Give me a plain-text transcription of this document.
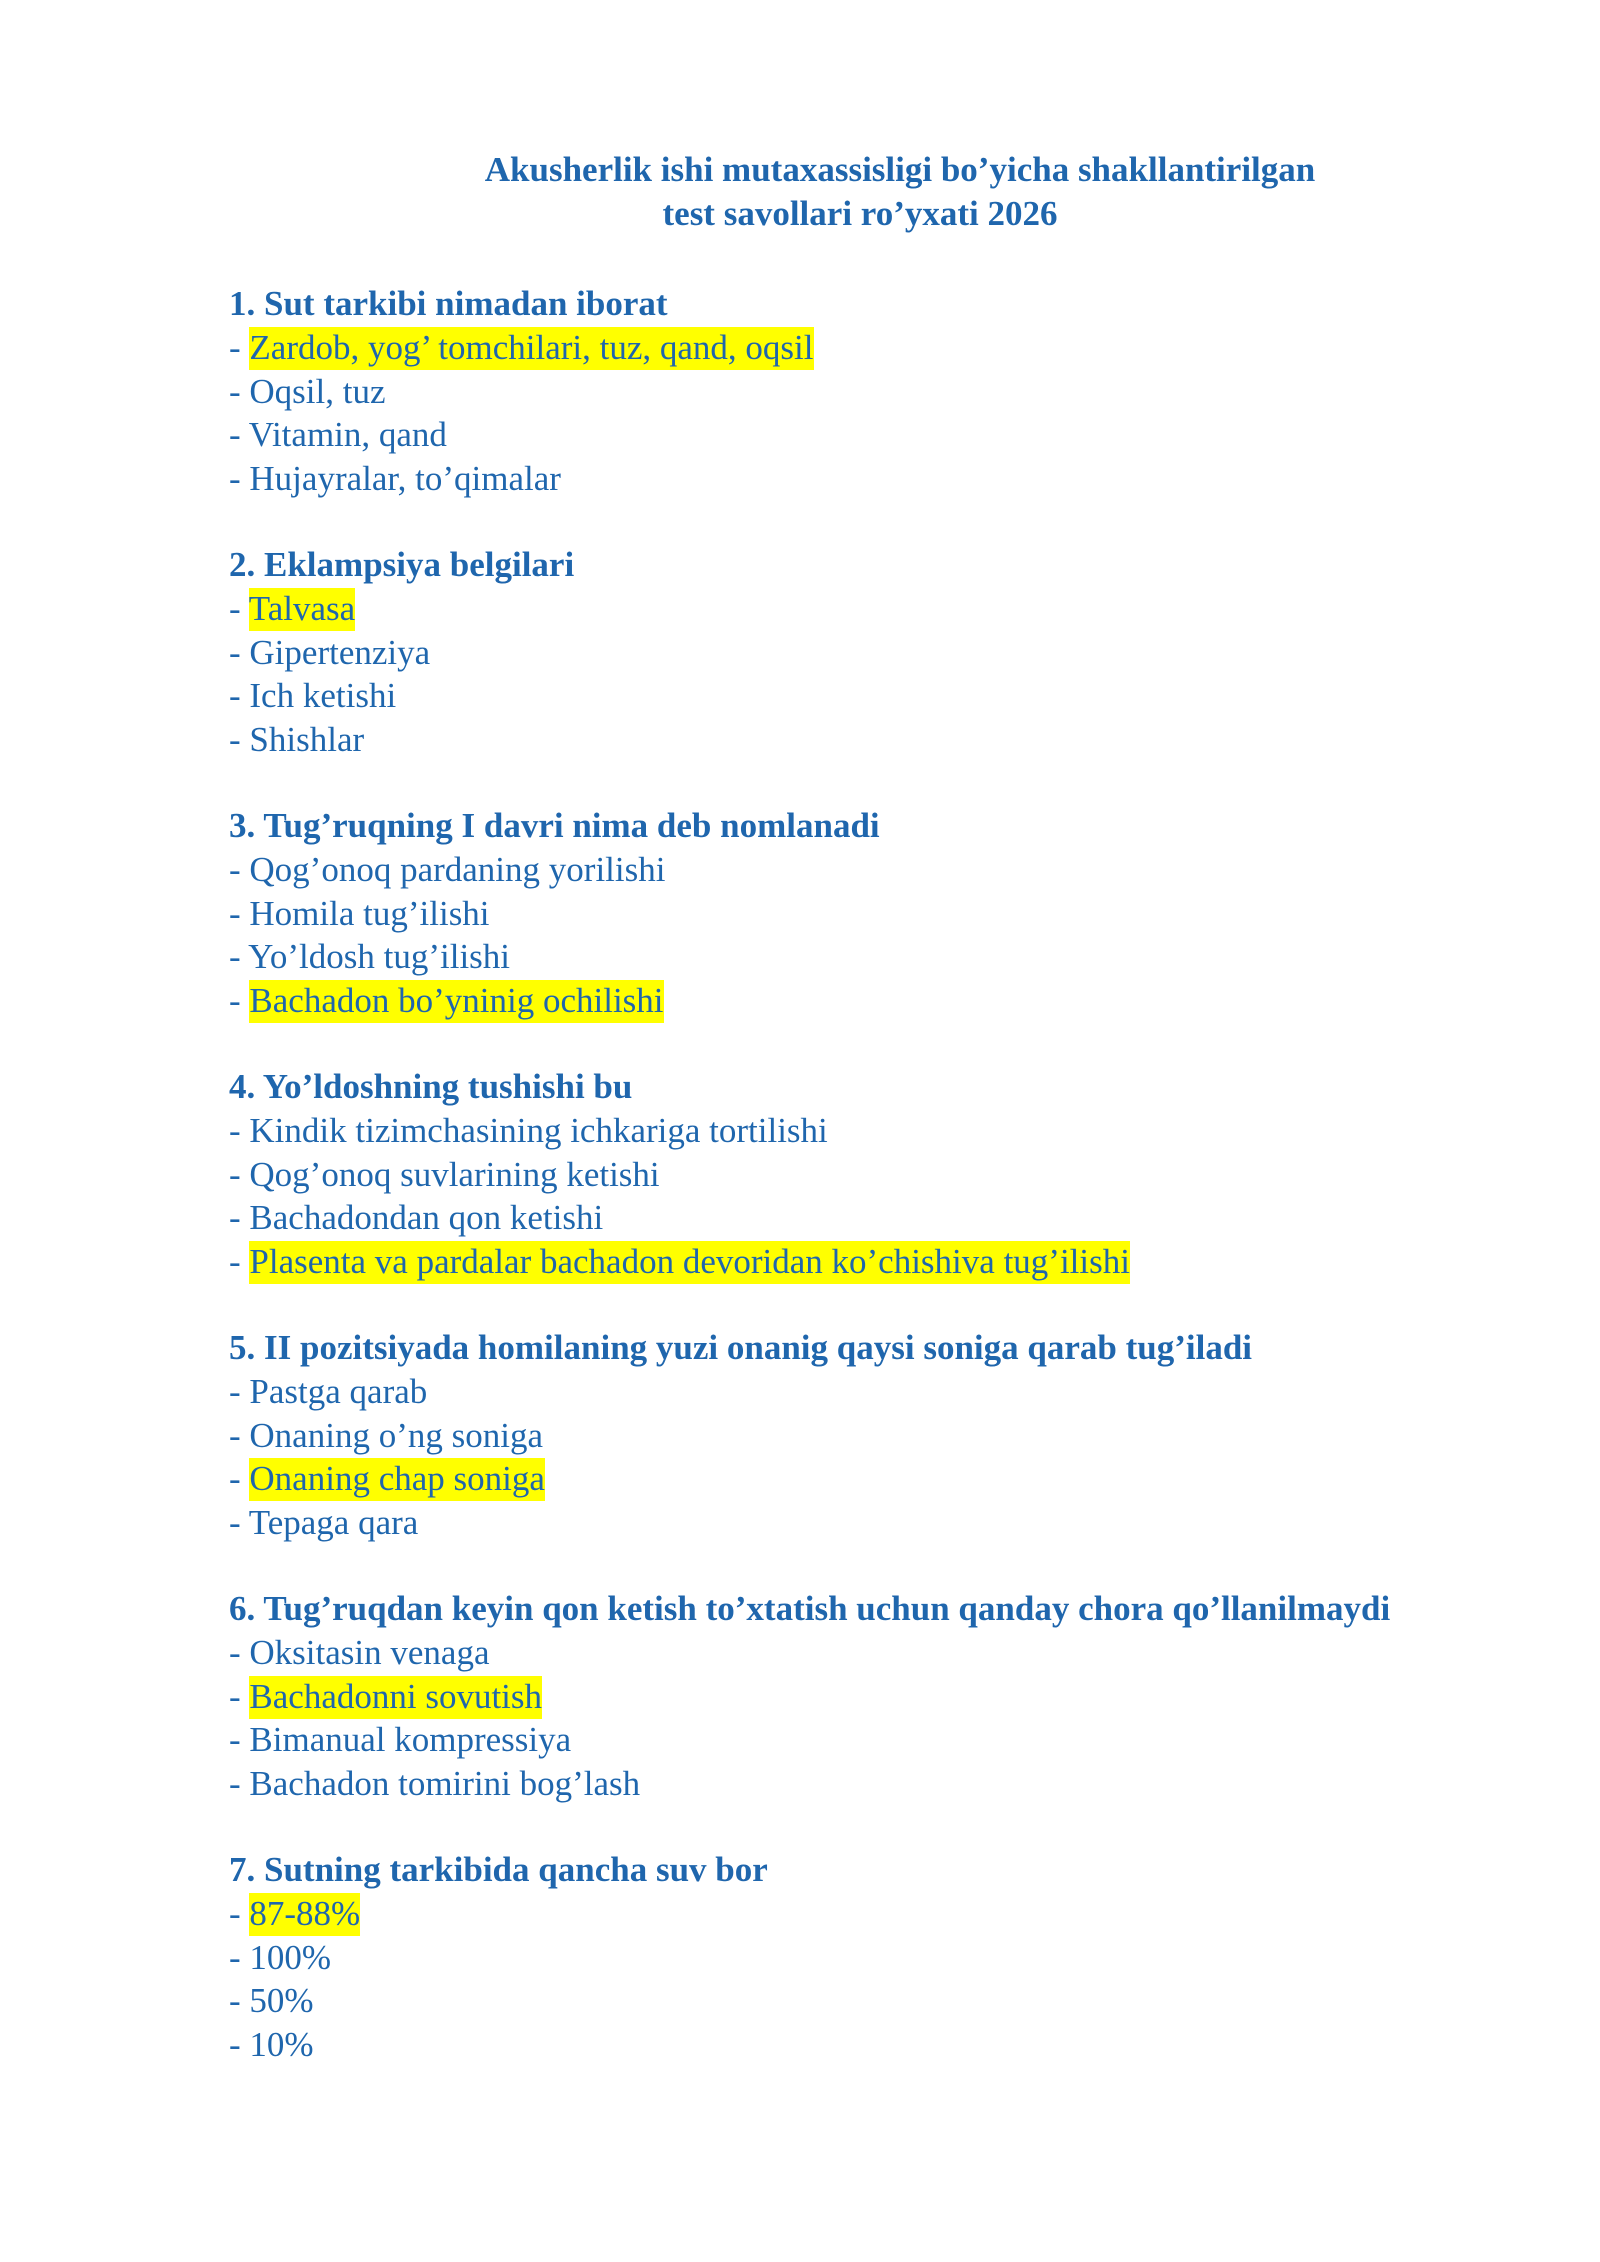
Akusherlik ishi mutaxassisligi bo’yicha shakllantirilgan
test savollari ro’yxati 2026
1. Sut tarkibi nimadan iborat
- Zardob, yog’ tomchilari, tuz, qand, oqsil
- Oqsil, tuz
- Vitamin, qand
- Hujayralar, to’qimalar
2. Eklampsiya belgilari
- Talvasa
- Gipertenziya
- Ich ketishi
- Shishlar
3. Tug’ruqning I davri nima deb nomlanadi
- Qog’onoq pardaning yorilishi
- Homila tug’ilishi
- Yo’ldosh tug’ilishi
- Bachadon bo’yninig ochilishi
4. Yo’ldoshning tushishi bu
- Kindik tizimchasining ichkariga tortilishi
- Qog’onoq suvlarining ketishi
- Bachadondan qon ketishi
- Plasenta va pardalar bachadon devoridan ko’chishiva tug’ilishi
5. II pozitsiyada homilaning yuzi onanig qaysi soniga qarab tug’iladi
- Pastga qarab
- Onaning o’ng soniga
- Onaning chap soniga
- Tepaga qara
6. Tug’ruqdan keyin qon ketish to’xtatish uchun qanday chora qo’llanilmaydi
- Oksitasin venaga
- Bachadonni sovutish
- Bimanual kompressiya
- Bachadon tomirini bog’lash
7. Sutning tarkibida qancha suv bor
- 87-88%
- 100%
- 50%
- 10%
